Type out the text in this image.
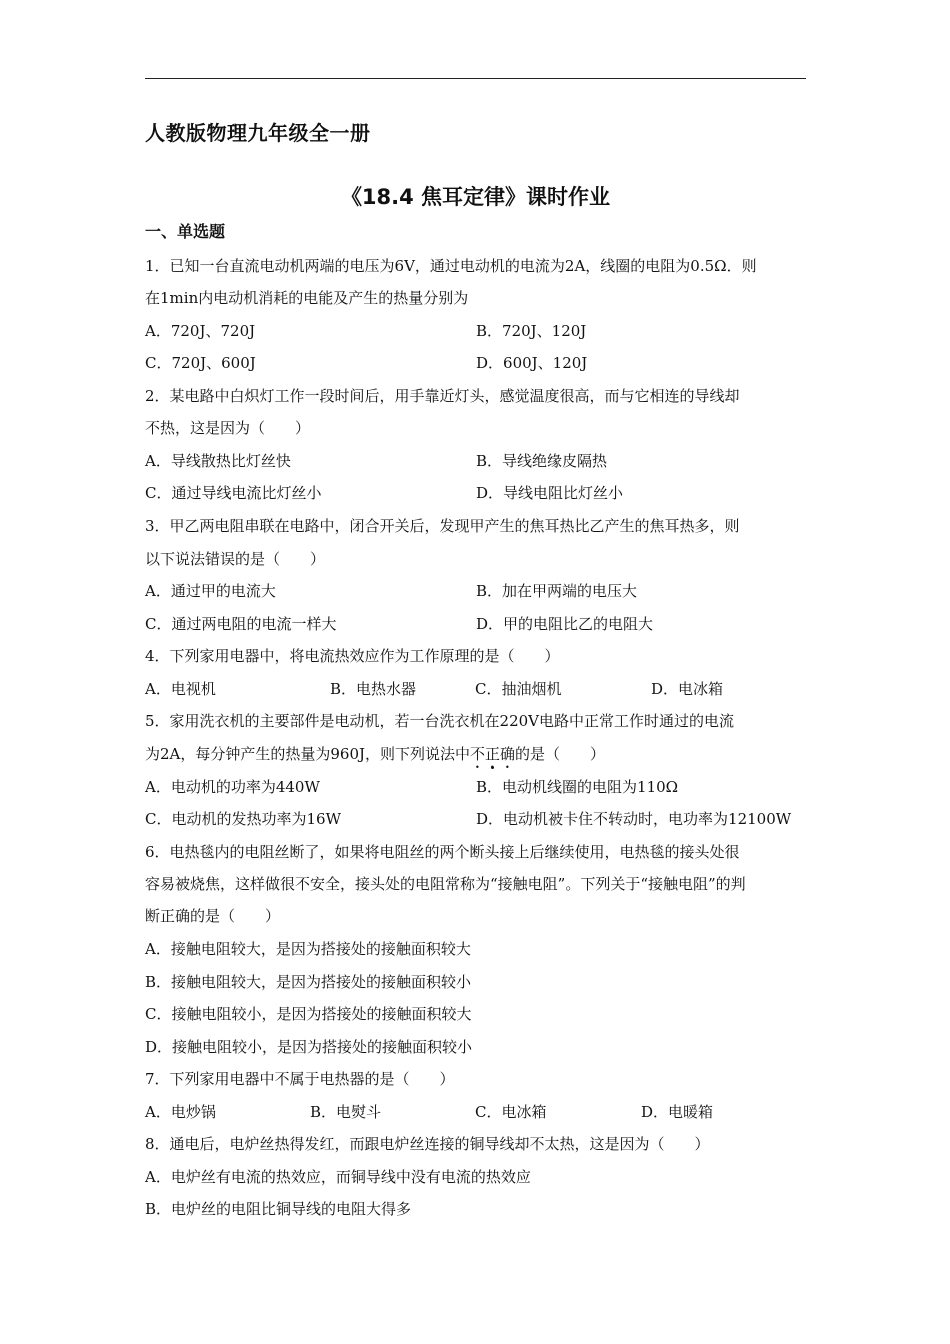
人教版物理九年级全一册
《18.4 焦耳定律》课时作业
一、单选题
1．已知一台直流电动机两端的电压为6V，通过电动机的电流为2A，线圈的电阻为0.5Ω．则
在1min内电动机消耗的电能及产生的热量分别为
A．720J、720J	B．720J、120J
C．720J、600J	D．600J、120J
2．某电路中白炽灯工作一段时间后，用手靠近灯头，感觉温度很高，而与它相连的导线却
不热，这是因为（　　）
A．导线散热比灯丝快	B．导线绝缘皮隔热
C．通过导线电流比灯丝小	D．导线电阻比灯丝小
3．甲乙两电阻串联在电路中，闭合开关后，发现甲产生的焦耳热比乙产生的焦耳热多，则
以下说法错误的是（　　）
A．通过甲的电流大	B．加在甲两端的电压大
C．通过两电阻的电流一样大	D．甲的电阻比乙的电阻大
4．下列家用电器中，将电流热效应作为工作原理的是（　　）
A．电视机	B．电热水器	C．抽油烟机	D．电冰箱
5．家用洗衣机的主要部件是电动机，若一台洗衣机在220V电路中正常工作时通过的电流
为2A，每分钟产生的热量为960J，则下列说法中不正确的是（　　）
A．电动机的功率为440W	B．电动机线圈的电阻为110Ω
C．电动机的发热功率为16W	D．电动机被卡住不转动时，电功率为12100W
6．电热毯内的电阻丝断了，如果将电阻丝的两个断头接上后继续使用，电热毯的接头处很
容易被烧焦，这样做很不安全，接头处的电阻常称为“接触电阻”。下列关于“接触电阻”的判
断正确的是（　　）
A．接触电阻较大，是因为搭接处的接触面积较大
B．接触电阻较大，是因为搭接处的接触面积较小
C．接触电阻较小，是因为搭接处的接触面积较大
D．接触电阻较小，是因为搭接处的接触面积较小
7．下列家用电器中不属于电热器的是（　　）
A．电炒锅	B．电熨斗	C．电冰箱	D．电暖箱
8．通电后，电炉丝热得发红，而跟电炉丝连接的铜导线却不太热，这是因为（　　）
A．电炉丝有电流的热效应，而铜导线中没有电流的热效应
B．电炉丝的电阻比铜导线的电阻大得多
